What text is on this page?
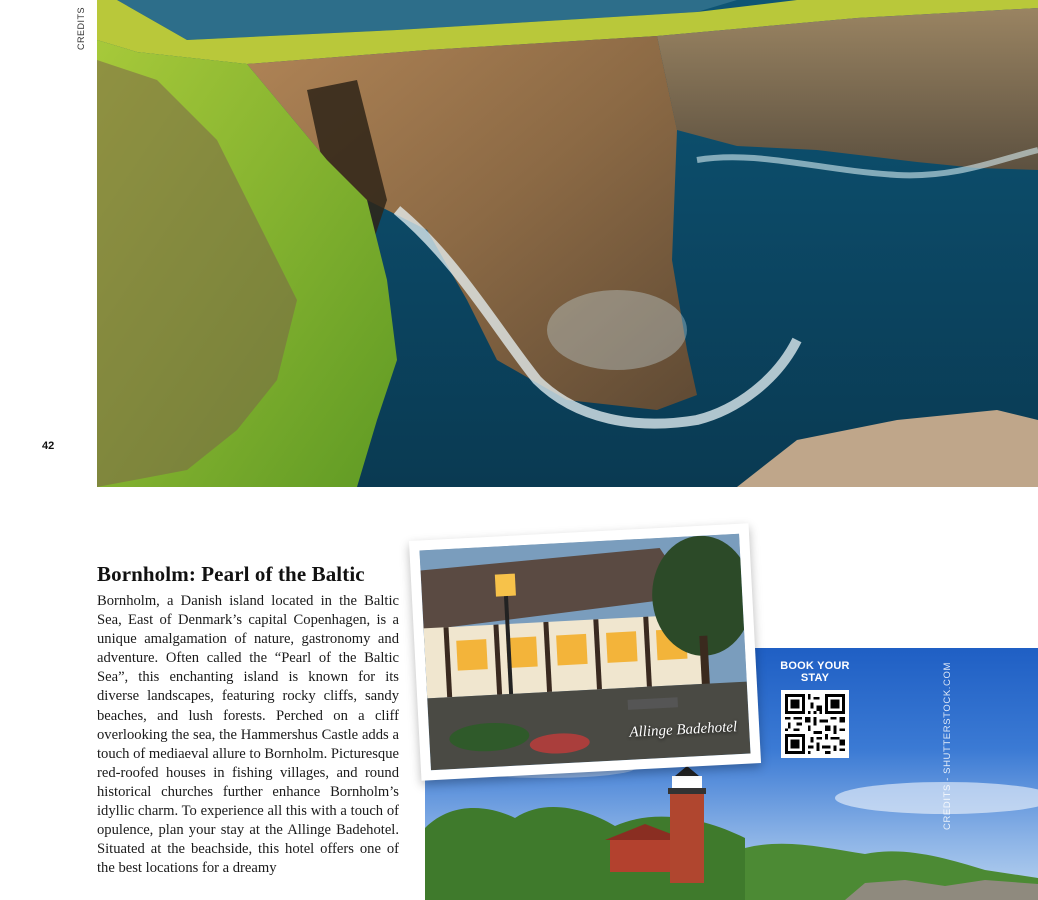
CREDITS
42
Bornholm: Pearl of the Baltic

Bornholm, a Danish island located in the Baltic Sea, East of Denmark’s capital Copenhagen, is a unique amalgamation of nature, gastronomy and adventure. Often called the “Pearl of the Baltic Sea”, this enchanting island is known for its diverse landscapes, featuring rocky cliffs, sandy beaches, and lush forests. Perched on a cliff overlooking the sea, the Hammershus Castle adds a touch of mediaeval allure to Bornholm. Picturesque red-roofed houses in fishing villages, and round historical churches further enhance Bornholm’s idyllic charm. To experience all this with a touch of opulence, plan your stay at the Allinge Badehotel. Situated at the beachside, this hotel offers one of the best locations for a dreamy

Allinge Badehotel
BOOK YOUR STAY	CREDITS - SHUTTERSTOCK.COM
